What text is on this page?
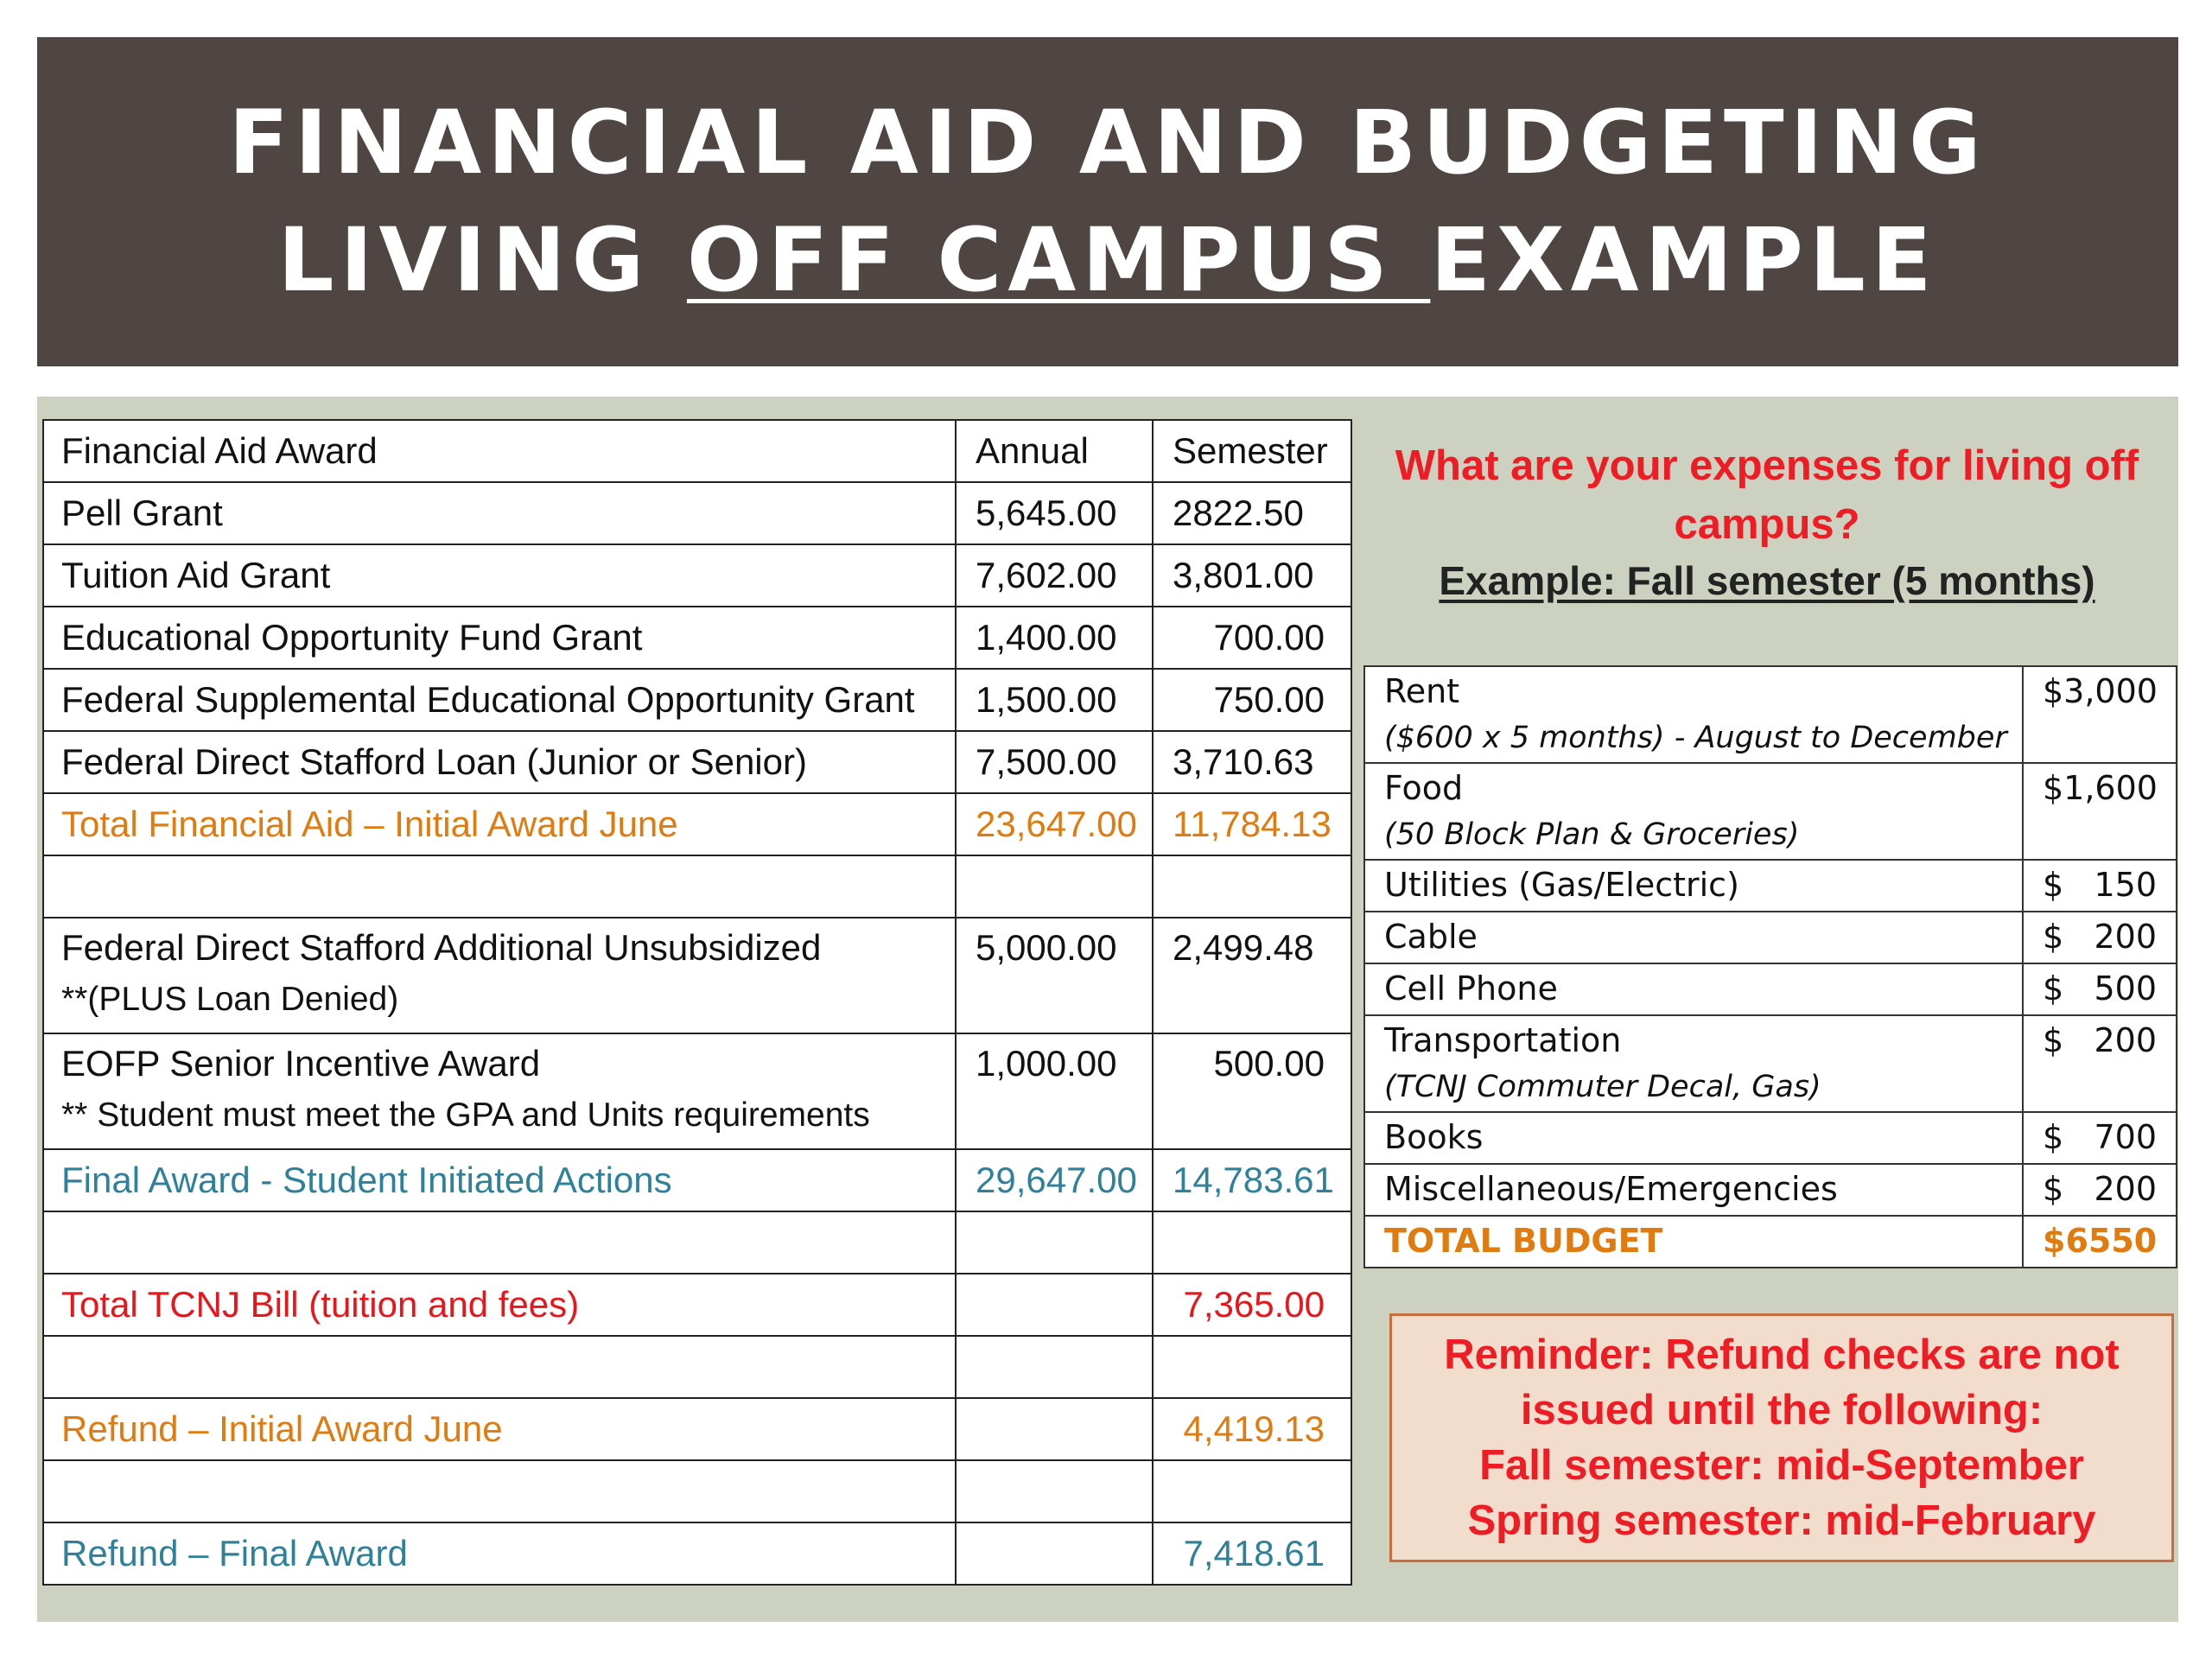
FINANCIAL AID AND BUDGETING
LIVING OFF CAMPUS EXAMPLE
Financial Aid Award	Annual	Semester
Pell Grant	5,645.00	2822.50
Tuition Aid Grant	7,602.00	3,801.00
Educational Opportunity Fund Grant	1,400.00	700.00
Federal Supplemental Educational Opportunity Grant	1,500.00	750.00
Federal Direct Stafford Loan (Junior or Senior)	7,500.00	3,710.63
Total Financial Aid – Initial Award June	23,647.00	11,784.13

Federal Direct Stafford Additional Unsubsidized
**(PLUS Loan Denied)	5,000.00	2,499.48
EOFP Senior Incentive Award
** Student must meet the GPA and Units requirements	1,000.00	500.00
Final Award - Student Initiated Actions	29,647.00	14,783.61

Total TCNJ Bill (tuition and fees)		7,365.00

Refund – Initial Award June		4,419.13

Refund – Final Award		7,418.61
What are your expenses for living off campus?
Example: Fall semester (5 months)
Rent
($600 x 5 months) - August to December	$3,000
Food
(50 Block Plan & Groceries)	$1,600
Utilities (Gas/Electric)	$ 150

Cable	$ 200

Cell Phone	$ 500

Transportation
(TCNJ Commuter Decal, Gas)	$ 200

Books	$ 700

Miscellaneous/Emergencies	$ 200

TOTAL BUDGET	$6550
Reminder: Refund checks are not
issued until the following:
Fall semester: mid-September
Spring semester: mid-February
